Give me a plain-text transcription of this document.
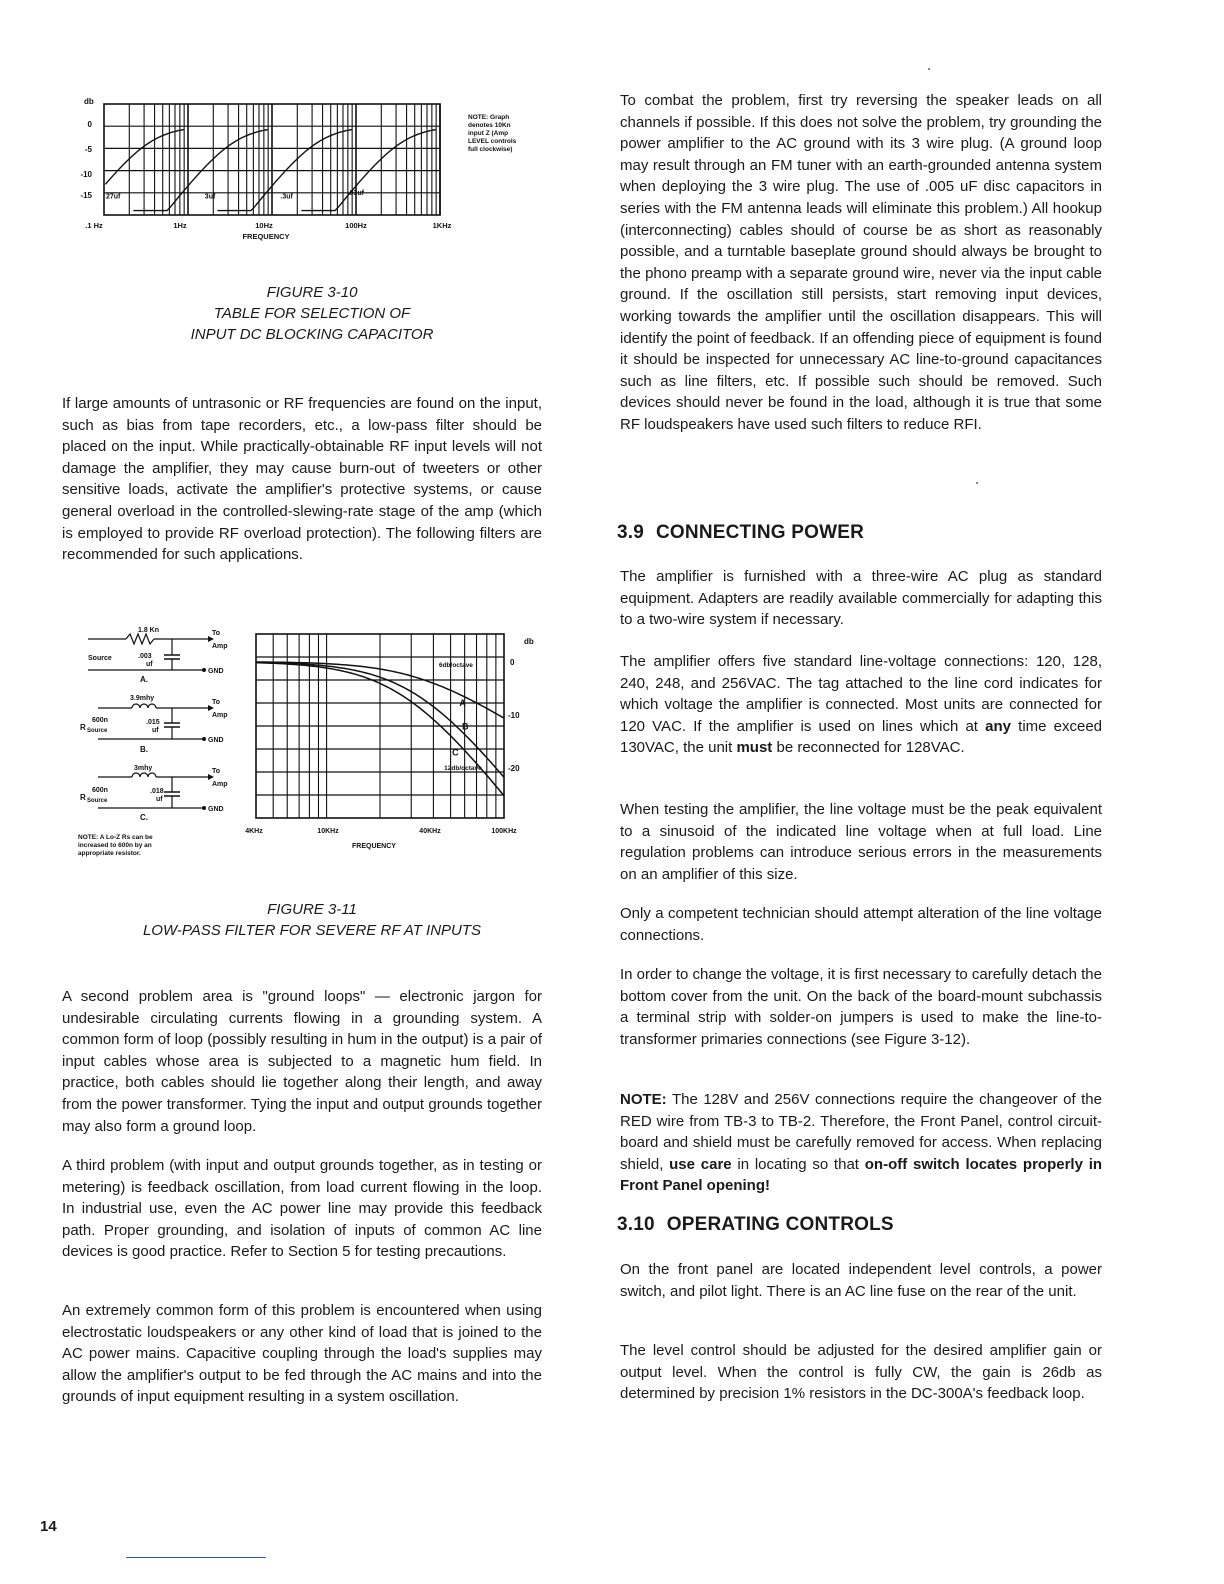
db
0
-5
-10
-15 27uf	3uf	.3uf	.03uf
.1 Hz	1Hz	10Hz	100Hz	1KHz
FREQUENCY
NOTE: Graph
denotes 10Kn
input Z (Amp
LEVEL controls
full clockwise)
FIGURE 3-10
TABLE FOR SELECTION OF
INPUT DC BLOCKING CAPACITOR

If large amounts of untrasonic or RF frequencies are found on the input, such as bias from tape recorders, etc., a low-pass filter should be placed on the input. While practically-obtainable RF input levels will not damage the amplifier, they may cause burn-out of tweeters or other sensitive loads, activate the amplifier's protective systems, or cause general overload in the controlled-slewing-rate stage of the amp (which is employed to provide RF overload protection). The following filters are recommended for such applications.

1.8 Kn	To
Amp
Source	.003
uf
GND
A.
3.9mhy
To
Amp
600n
R Source
.015
uf
GND
B.
3mhy	To
Amp
600n
R Source
.018
uf
GND
C.
NOTE: A Lo-Z Rs can be
increased to 600n by an
appropriate resistor.
db
0
-10
-20
A
B
C
6db/octave
12db/octave
4KHz	10KHz	40KHz	100KHz
FREQUENCY
FIGURE 3-11
LOW-PASS FILTER FOR SEVERE RF AT INPUTS

A second problem area is "ground loops" — electronic jargon for undesirable circulating currents flowing in a grounding system. A common form of loop (possibly resulting in hum in the output) is a pair of input cables whose area is subjected to a magnetic hum field. In practice, both cables should lie together along their length, and away from the power transformer. Tying the input and output grounds together may also form a ground loop.

A third problem (with input and output grounds together, as in testing or metering) is feedback oscillation, from load current flowing in the loop. In industrial use, even the AC power line may provide this feedback path. Proper grounding, and isolation of inputs of common AC line devices is good practice. Refer to Section 5 for testing precautions.

An extremely common form of this problem is encountered when using electrostatic loudspeakers or any other kind of load that is joined to the AC power mains. Capacitive coupling through the load's supplies may allow the amplifier's output to be fed through the AC mains and into the grounds of input equipment resulting in a system oscillation.

To combat the problem, first try reversing the speaker leads on all channels if possible. If this does not solve the problem, try grounding the power amplifier to the AC ground with its 3 wire plug. (A ground loop may result through an FM tuner with an earth-grounded antenna system when deploying the 3 wire plug. The use of .005 uF disc capacitors in series with the FM antenna leads will eliminate this problem.) All hookup (interconnecting) cables should of course be as short as reasonably possible, and a turntable baseplate ground should always be brought to the phono preamp with a separate ground wire, never via the input cable ground. If the oscillation still persists, start removing input devices, working towards the amplifier until the oscillation disappears. This will identify the point of feedback. If an offending piece of equipment is found it should be inspected for unnecessary AC line-to-ground capacitances such as line filters, etc. If possible such should be removed. Such devices should never be found in the load, although it is true that some RF loudspeakers have used such filters to reduce RFI.

3.9 CONNECTING POWER

The amplifier is furnished with a three-wire AC plug as standard equipment. Adapters are readily available commercially for adapting this to a two-wire system if necessary.

The amplifier offers five standard line-voltage connections: 120, 128, 240, 248, and 256VAC. The tag attached to the line cord indicates for which voltage the amplifier is connected. Most units are connected for 120 VAC. If the amplifier is used on lines which at any time exceed 130VAC, the unit must be reconnected for 128VAC.

When testing the amplifier, the line voltage must be the peak equivalent to a sinusoid of the indicated line voltage when at full load. Line regulation problems can introduce serious errors in the measurements on an amplifier of this size.

Only a competent technician should attempt alteration of the line voltage connections.

In order to change the voltage, it is first necessary to carefully detach the bottom cover from the unit. On the back of the board-mount subchassis a terminal strip with solder-on jumpers is used to make the line-to-transformer primaries connections (see Figure 3-12).

NOTE: The 128V and 256V connections require the changeover of the RED wire from TB-3 to TB-2. Therefore, the Front Panel, control circuit-board and shield must be carefully removed for access. When replacing shield, use care in locating so that on-off switch locates properly in Front Panel opening!

3.10 OPERATING CONTROLS

On the front panel are located independent level controls, a power switch, and pilot light. There is an AC line fuse on the rear of the unit.

The level control should be adjusted for the desired amplifier gain or output level. When the control is fully CW, the gain is 26db as determined by precision 1% resistors in the DC-300A's feedback loop.

14
